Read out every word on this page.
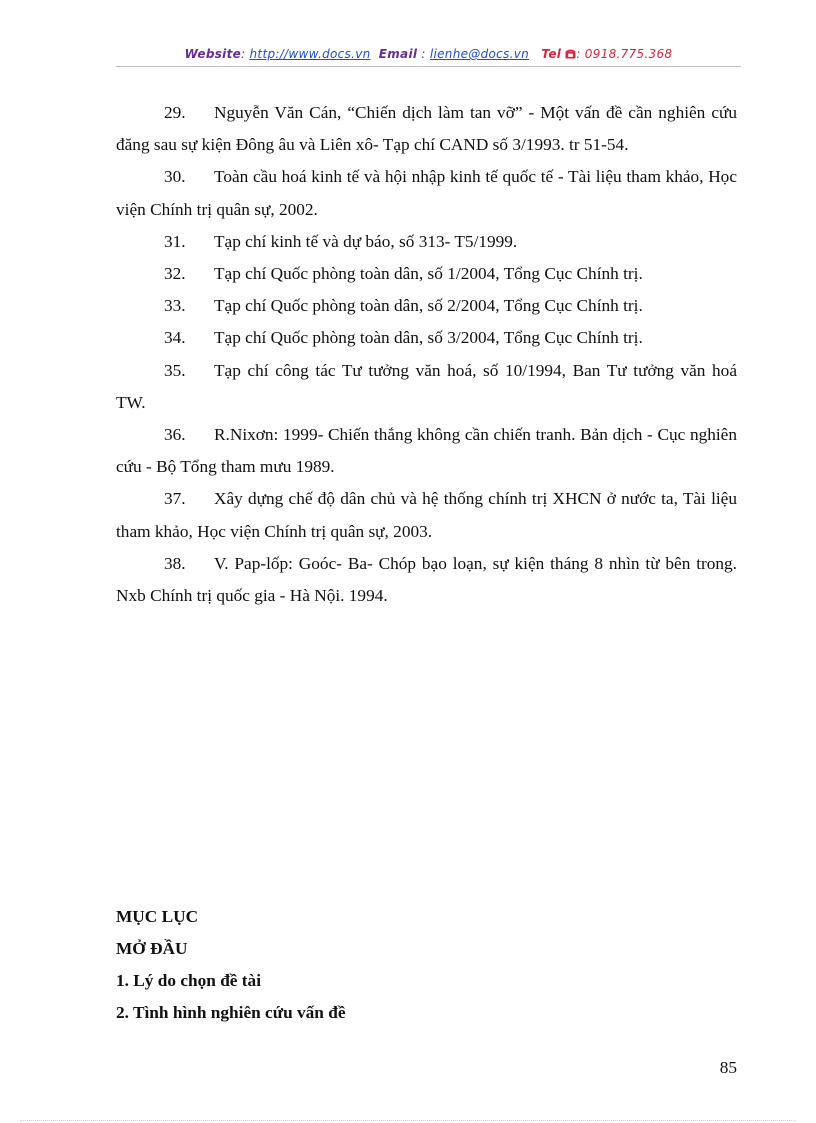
Website: http://www.docs.vn Email : lienhe@docs.vn Tel : 0918.775.368

29. Nguyễn Văn Cán, “Chiến dịch làm tan vỡ” - Một vấn đề cần nghiên cứu đăng sau sự kiện Đông âu và Liên xô- Tạp chí CAND số 3/1993. tr 51-54.

30. Toàn cầu hoá kinh tế và hội nhập kinh tế quốc tế - Tài liệu tham khảo, Học viện Chính trị quân sự, 2002.

31. Tạp chí kinh tế và dự báo, số 313- T5/1999.

32. Tạp chí Quốc phòng toàn dân, số 1/2004, Tổng Cục Chính trị.

33. Tạp chí Quốc phòng toàn dân, số 2/2004, Tổng Cục Chính trị.

34. Tạp chí Quốc phòng toàn dân, số 3/2004, Tổng Cục Chính trị.

35. Tạp chí công tác Tư tưởng văn hoá, số 10/1994, Ban Tư tưởng văn hoá TW.

36. R.Nixơn: 1999- Chiến thắng không cần chiến tranh. Bản dịch - Cục nghiên cứu - Bộ Tổng tham mưu 1989.

37. Xây dựng chế độ dân chủ và hệ thống chính trị XHCN ở nước ta, Tài liệu tham khảo, Học viện Chính trị quân sự, 2003.

38. V. Pap-lốp: Goóc- Ba- Chóp bạo loạn, sự kiện tháng 8 nhìn từ bên trong. Nxb Chính trị quốc gia - Hà Nội. 1994.

MỤC LỤC

MỞ ĐẦU

1. Lý do chọn đề tài

2. Tình hình nghiên cứu vấn đề

85
